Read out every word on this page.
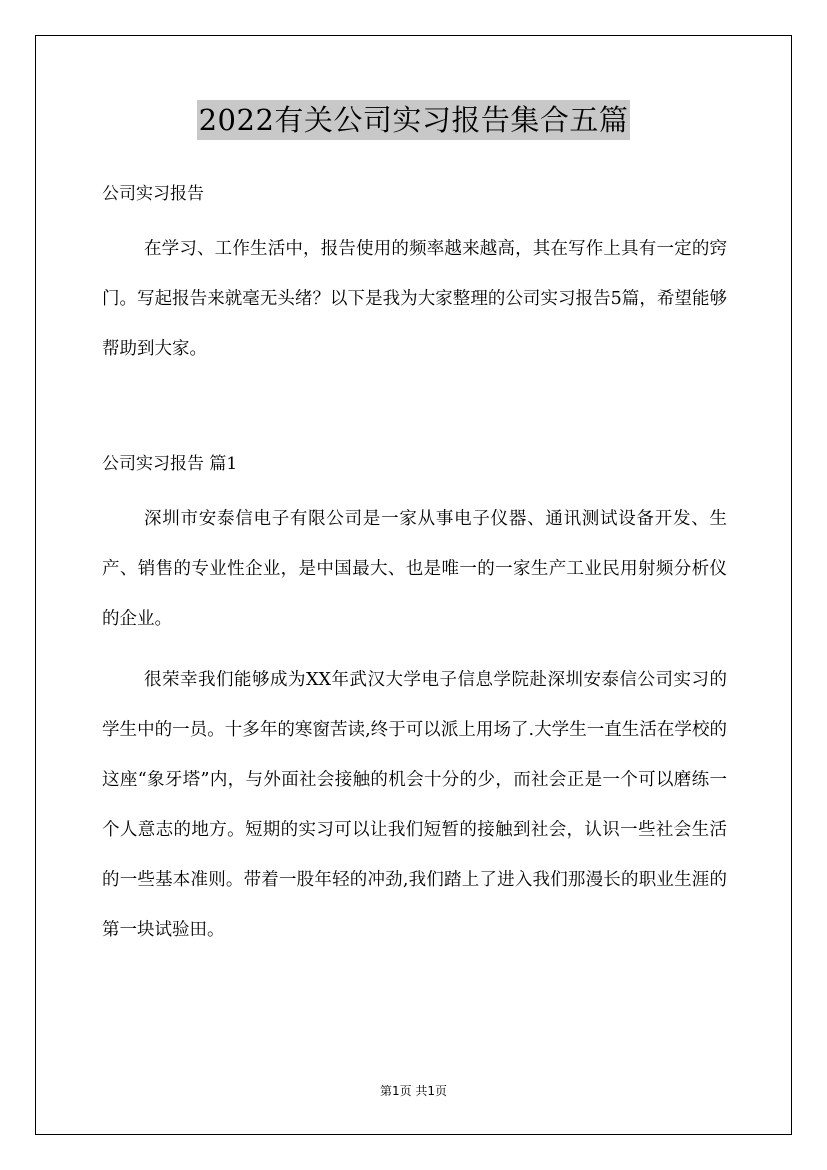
2022有关公司实习报告集合五篇
公司实习报告

在学习、工作生活中，报告使用的频率越来越高，其在写作上具有一定的窍门。写起报告来就毫无头绪？以下是我为大家整理的公司实习报告5篇，希望能够帮助到大家。

公司实习报告 篇1

深圳市安泰信电子有限公司是一家从事电子仪器、通讯测试设备开发、生产、销售的专业性企业，是中国最大、也是唯一的一家生产工业民用射频分析仪的企业。

很荣幸我们能够成为XX年武汉大学电子信息学院赴深圳安泰信公司实习的学生中的一员。十多年的寒窗苦读,终于可以派上用场了.大学生一直生活在学校的这座“象牙塔”内，与外面社会接触的机会十分的少，而社会正是一个可以磨练一个人意志的地方。短期的实习可以让我们短暂的接触到社会，认识一些社会生活的一些基本准则。带着一股年轻的冲劲,我们踏上了进入我们那漫长的职业生涯的第一块试验田。

第1页 共1页
